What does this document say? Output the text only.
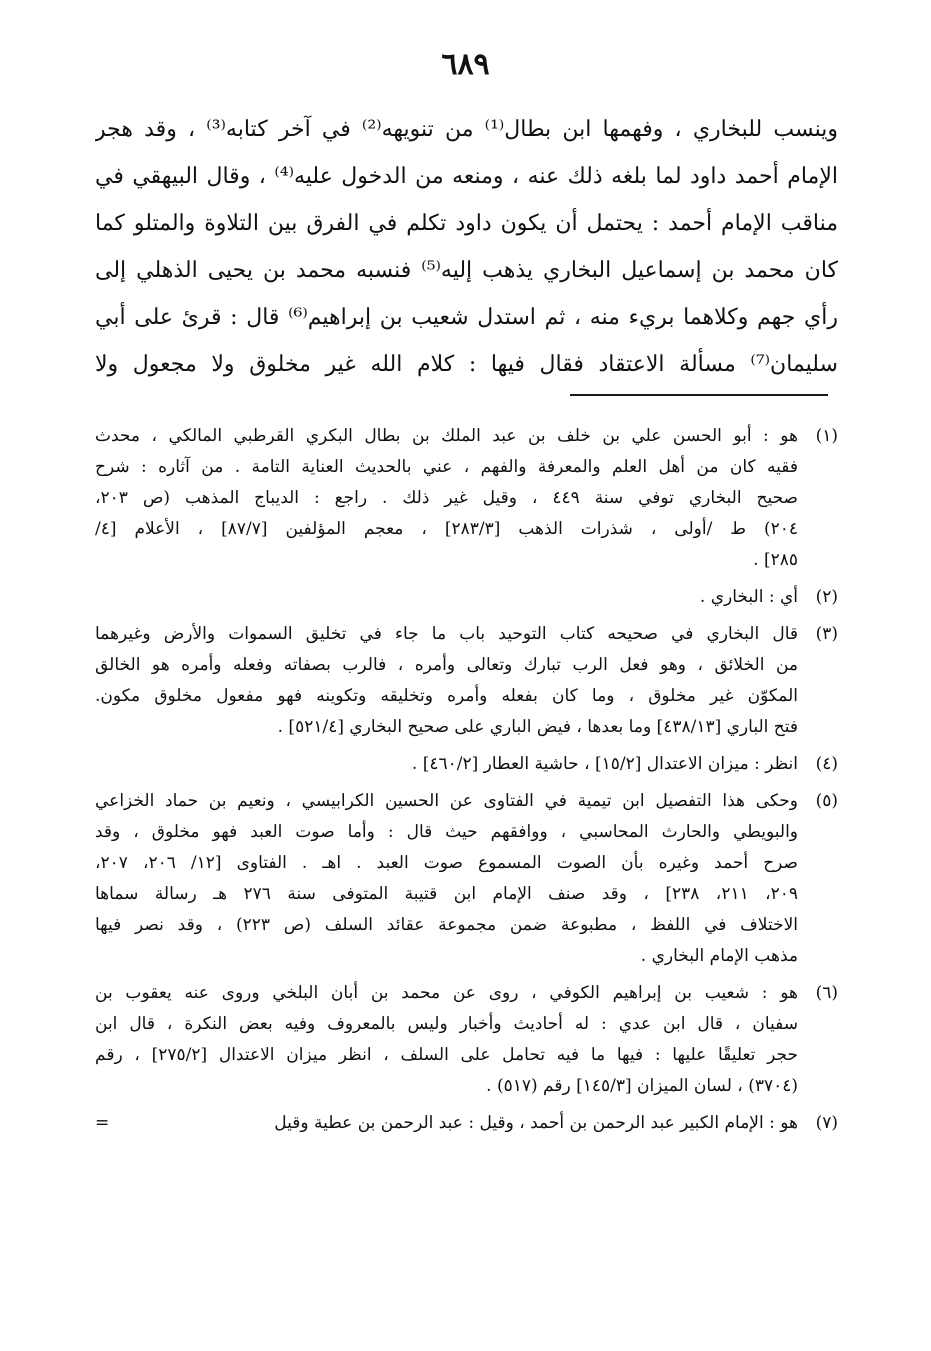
٦٨٩
وينسب للبخاري ، وفهمها ابن بطال⁽¹⁾ من تنويهه⁽²⁾ في آخر كتابه⁽³⁾ ، وقد هجر
الإمام أحمد داود لما بلغه ذلك عنه ، ومنعه من الدخول عليه⁽⁴⁾ ، وقال البيهقي في
مناقب الإمام أحمد : يحتمل أن يكون داود تكلم في الفرق بين التلاوة والمتلو كما
كان محمد بن إسماعيل البخاري يذهب إليه⁽⁵⁾ فنسبه محمد بن يحيى الذهلي إلى
رأي جهم وكلاهما بريء منه ، ثم استدل شعيب بن إبراهيم⁽⁶⁾ قال : قرئ على أبي
سليمان⁽⁷⁾ مسألة الاعتقاد فقال فيها : كلام الله غير مخلوق ولا مجعول ولا
(١)
هو : أبو الحسن علي بن خلف بن عبد الملك بن بطال البكري القرطبي المالكي ، محدث
فقيه كان من أهل العلم والمعرفة والفهم ، عني بالحديث العناية التامة . من آثاره : شرح
صحيح البخاري توفي سنة ٤٤٩ ، وقيل غير ذلك . راجع : الديباج المذهب (ص ٢٠٣،
٢٠٤) ط /أولى ، شذرات الذهب [٢٨٣/٣] ، معجم المؤلفين [٨٧/٧] ، الأعلام [٤/
٢٨٥] .
(٢)
أي : البخاري .
(٣)
قال البخاري في صحيحه كتاب التوحيد باب ما جاء في تخليق السموات والأرض وغيرهما
من الخلائق ، وهو فعل الرب تبارك وتعالى وأمره ، فالرب بصفاته وفعله وأمره هو الخالق
المكوّن غير مخلوق ، وما كان بفعله وأمره وتخليقه وتكوينه فهو مفعول مخلوق مكون.
فتح الباري [٤٣٨/١٣] وما بعدها ، فيض الباري على صحيح البخاري [٥٢١/٤] .
(٤)
انظر : ميزان الاعتدال [١٥/٢] ، حاشية العطار [٤٦٠/٢] .
(٥)
وحكى هذا التفصيل ابن تيمية في الفتاوى عن الحسين الكرابيسي ، ونعيم بن حماد الخزاعي
والبويطي والحارث المحاسبي ، ووافقهم حيث قال : وأما صوت العبد فهو مخلوق ، وقد
صرح أحمد وغيره بأن الصوت المسموع صوت العبد . اهـ . الفتاوى [١٢/ ٢٠٦، ٢٠٧،
٢٠٩، ٢١١، ٢٣٨] ، وقد صنف الإمام ابن قتيبة المتوفى سنة ٢٧٦ هـ رسالة سماها
الاختلاف في اللفظ ، مطبوعة ضمن مجموعة عقائد السلف (ص ٢٢٣) ، وقد نصر فيها
مذهب الإمام البخاري .
(٦)
هو : شعيب بن إبراهيم الكوفي ، روى عن محمد بن أبان البلخي وروى عنه يعقوب بن
سفيان ، قال ابن عدي : له أحاديث وأخبار وليس بالمعروف وفيه بعض النكرة ، قال ابن
حجر تعليقًا عليها : فيها ما فيه تحامل على السلف ، انظر ميزان الاعتدال [٢٧٥/٢] ، رقم
(٣٧٠٤) ، لسان الميزان [١٤٥/٣] رقم (٥١٧) .
(٧)
=	هو : الإمام الكبير عبد الرحمن بن أحمد ، وقيل : عبد الرحمن بن عطية وقيل
